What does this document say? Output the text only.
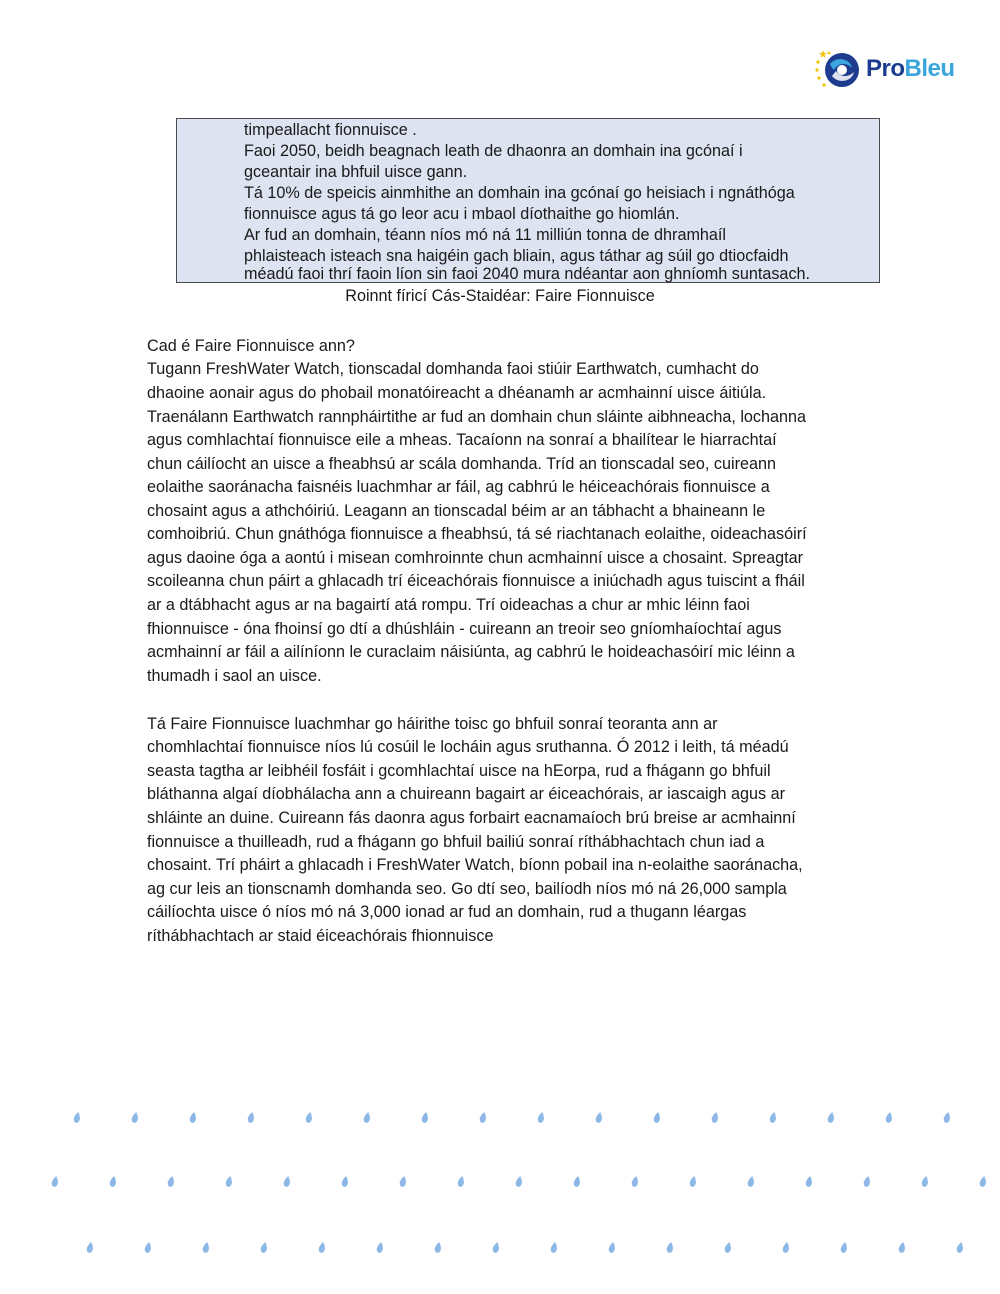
ProBleu
timpeallacht fionnuisce .
Faoi 2050, beidh beagnach leath de dhaonra an domhain ina gcónaí i
gceantair ina bhfuil uisce gann.
Tá 10% de speicis ainmhithe an domhain ina gcónaí go heisiach i ngnáthóga
fionnuisce agus tá go leor acu i mbaol díothaithe go hiomlán.
Ar fud an domhain, téann níos mó ná 11 milliún tonna de dhramhaíl
phlaisteach isteach sna haigéin gach bliain, agus táthar ag súil go dtiocfaidh
méadú faoi thrí faoin líon sin faoi 2040 mura ndéantar aon ghníomh suntasach.
Roinnt fíricí Cás-Staidéar: Faire Fionnuisce
Cad é Faire Fionnuisce ann?
Tugann FreshWater Watch, tionscadal domhanda faoi stiúir Earthwatch, cumhacht do
dhaoine aonair agus do phobail monatóireacht a dhéanamh ar acmhainní uisce áitiúla.
Traenálann Earthwatch rannpháirtithe ar fud an domhain chun sláinte aibhneacha, lochanna
agus comhlachtaí fionnuisce eile a mheas. Tacaíonn na sonraí a bhailítear le hiarrachtaí
chun cáilíocht an uisce a fheabhsú ar scála domhanda. Tríd an tionscadal seo, cuireann
eolaithe saoránacha faisnéis luachmhar ar fáil, ag cabhrú le héiceachórais fionnuisce a
chosaint agus a athchóiriú. Leagann an tionscadal béim ar an tábhacht a bhaineann le
comhoibriú. Chun gnáthóga fionnuisce a fheabhsú, tá sé riachtanach eolaithe, oideachasóirí
agus daoine óga a aontú i misean comhroinnte chun acmhainní uisce a chosaint. Spreagtar
scoileanna chun páirt a ghlacadh trí éiceachórais fionnuisce a iniúchadh agus tuiscint a fháil
ar a dtábhacht agus ar na bagairtí atá rompu. Trí oideachas a chur ar mhic léinn faoi
fhionnuisce - óna fhoinsí go dtí a dhúshláin - cuireann an treoir seo gníomhaíochtaí agus
acmhainní ar fáil a ailíníonn le curaclaim náisiúnta, ag cabhrú le hoideachasóirí mic léinn a
thumadh i saol an uisce.
Tá Faire Fionnuisce luachmhar go háirithe toisc go bhfuil sonraí teoranta ann ar
chomhlachtaí fionnuisce níos lú cosúil le locháin agus sruthanna. Ó 2012 i leith, tá méadú
seasta tagtha ar leibhéil fosfáit i gcomhlachtaí uisce na hEorpa, rud a fhágann go bhfuil
bláthanna algaí díobhálacha ann a chuireann bagairt ar éiceachórais, ar iascaigh agus ar
shláinte an duine. Cuireann fás daonra agus forbairt eacnamaíoch brú breise ar acmhainní
fionnuisce a thuilleadh, rud a fhágann go bhfuil bailiú sonraí ríthábhachtach chun iad a
chosaint. Trí pháirt a ghlacadh i FreshWater Watch, bíonn pobail ina n-eolaithe saoránacha,
ag cur leis an tionscnamh domhanda seo. Go dtí seo, bailíodh níos mó ná 26,000 sampla
cáilíochta uisce ó níos mó ná 3,000 ionad ar fud an domhain, rud a thugann léargas
ríthábhachtach ar staid éiceachórais fhionnuisce
